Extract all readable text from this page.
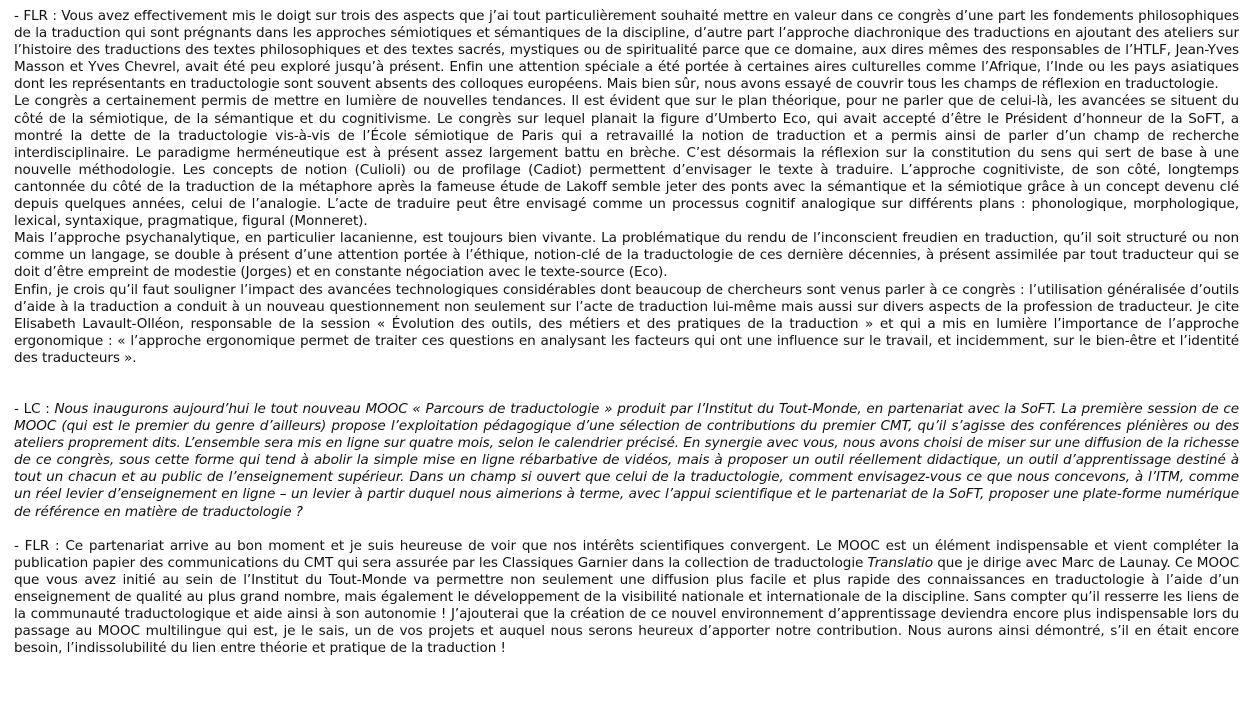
- FLR : Vous avez effectivement mis le doigt sur trois des aspects que j’ai tout particulièrement souhaité mettre en valeur dans ce congrès d’une part les fondements philosophiques de la traduction qui sont prégnants dans les approches sémiotiques et sémantiques de la discipline, d’autre part l’approche diachronique des traductions en ajoutant des ateliers sur l’histoire des traductions des textes philosophiques et des textes sacrés, mystiques ou de spiritualité parce que ce domaine, aux dires mêmes des responsables de l’HTLF, Jean-Yves Masson et Yves Chevrel, avait été peu exploré jusqu’à présent. Enfin une attention spéciale a été portée à certaines aires culturelles comme l’Afrique, l’Inde ou les pays asiatiques dont les représentants en traductologie sont souvent absents des colloques européens. Mais bien sûr, nous avons essayé de couvrir tous les champs de réflexion en traductologie.

Le congrès a certainement permis de mettre en lumière de nouvelles tendances. Il est évident que sur le plan théorique, pour ne parler que de celui-là, les avancées se situent du côté de la sémiotique, de la sémantique et du cognitivisme. Le congrès sur lequel planait la figure d’Umberto Eco, qui avait accepté d’être le Président d’honneur de la SoFT, a montré la dette de la traductologie vis-à-vis de l’École sémiotique de Paris qui a retravaillé la notion de traduction et a permis ainsi de parler d’un champ de recherche interdisciplinaire. Le paradigme herméneutique est à présent assez largement battu en brèche. C’est désormais la réflexion sur la constitution du sens qui sert de base à une nouvelle méthodologie. Les concepts de notion (Culioli) ou de profilage (Cadiot) permettent d’envisager le texte à traduire. L’approche cognitiviste, de son côté, longtemps cantonnée du côté de la traduction de la métaphore après la fameuse étude de Lakoff semble jeter des ponts avec la sémantique et la sémiotique grâce à un concept devenu clé depuis quelques années, celui de l’analogie. L’acte de traduire peut être envisagé comme un processus cognitif analogique sur différents plans : phonologique, morphologique, lexical, syntaxique, pragmatique, figural (Monneret).

Mais l’approche psychanalytique, en particulier lacanienne, est toujours bien vivante. La problématique du rendu de l’inconscient freudien en traduction, qu’il soit structuré ou non comme un langage, se double à présent d’une attention portée à l’éthique, notion-clé de la traductologie de ces dernière décennies, à présent assimilée par tout traducteur qui se doit d’être empreint de modestie (Jorges) et en constante négociation avec le texte-source (Eco).

Enfin, je crois qu’il faut souligner l’impact des avancées technologiques considérables dont beaucoup de chercheurs sont venus parler à ce congrès : l’utilisation généralisée d’outils d’aide à la traduction a conduit à un nouveau questionnement non seulement sur l’acte de traduction lui-même mais aussi sur divers aspects de la profession de traducteur. Je cite Elisabeth Lavault-Olléon, responsable de la session « Évolution des outils, des métiers et des pratiques de la traduction » et qui a mis en lumière l’importance de l’approche ergonomique : « l’approche ergonomique permet de traiter ces questions en analysant les facteurs qui ont une influence sur le travail, et incidemment, sur le bien-être et l’identité des traducteurs ».

- LC : Nous inaugurons aujourd’hui le tout nouveau MOOC « Parcours de traductologie » produit par l’Institut du Tout-Monde, en partenariat avec la SoFT. La première session de ce MOOC (qui est le premier du genre d’ailleurs) propose l’exploitation pédagogique d’une sélection de contributions du premier CMT, qu’il s’agisse des conférences plénières ou des ateliers proprement dits. L’ensemble sera mis en ligne sur quatre mois, selon le calendrier précisé. En synergie avec vous, nous avons choisi de miser sur une diffusion de la richesse de ce congrès, sous cette forme qui tend à abolir la simple mise en ligne rébarbative de vidéos, mais à proposer un outil réellement didactique, un outil d’apprentissage destiné à tout un chacun et au public de l’enseignement supérieur. Dans un champ si ouvert que celui de la traductologie, comment envisagez-vous ce que nous concevons, à l’ITM, comme un réel levier d’enseignement en ligne – un levier à partir duquel nous aimerions à terme, avec l’appui scientifique et le partenariat de la SoFT, proposer une plate-forme numérique de référence en matière de traductologie ?

- FLR : Ce partenariat arrive au bon moment et je suis heureuse de voir que nos intérêts scientifiques convergent. Le MOOC est un élément indispensable et vient compléter la publication papier des communications du CMT qui sera assurée par les Classiques Garnier dans la collection de traductologie Translatio que je dirige avec Marc de Launay. Ce MOOC que vous avez initié au sein de l’Institut du Tout-Monde va permettre non seulement une diffusion plus facile et plus rapide des connaissances en traductologie à l’aide d’un enseignement de qualité au plus grand nombre, mais également le développement de la visibilité nationale et internationale de la discipline. Sans compter qu’il resserre les liens de la communauté traductologique et aide ainsi à son autonomie ! J’ajouterai que la création de ce nouvel environnement d’apprentissage deviendra encore plus indispensable lors du passage au MOOC multilingue qui est, je le sais, un de vos projets et auquel nous serons heureux d’apporter notre contribution. Nous aurons ainsi démontré, s’il en était encore besoin, l’indissolubilité du lien entre théorie et pratique de la traduction !
